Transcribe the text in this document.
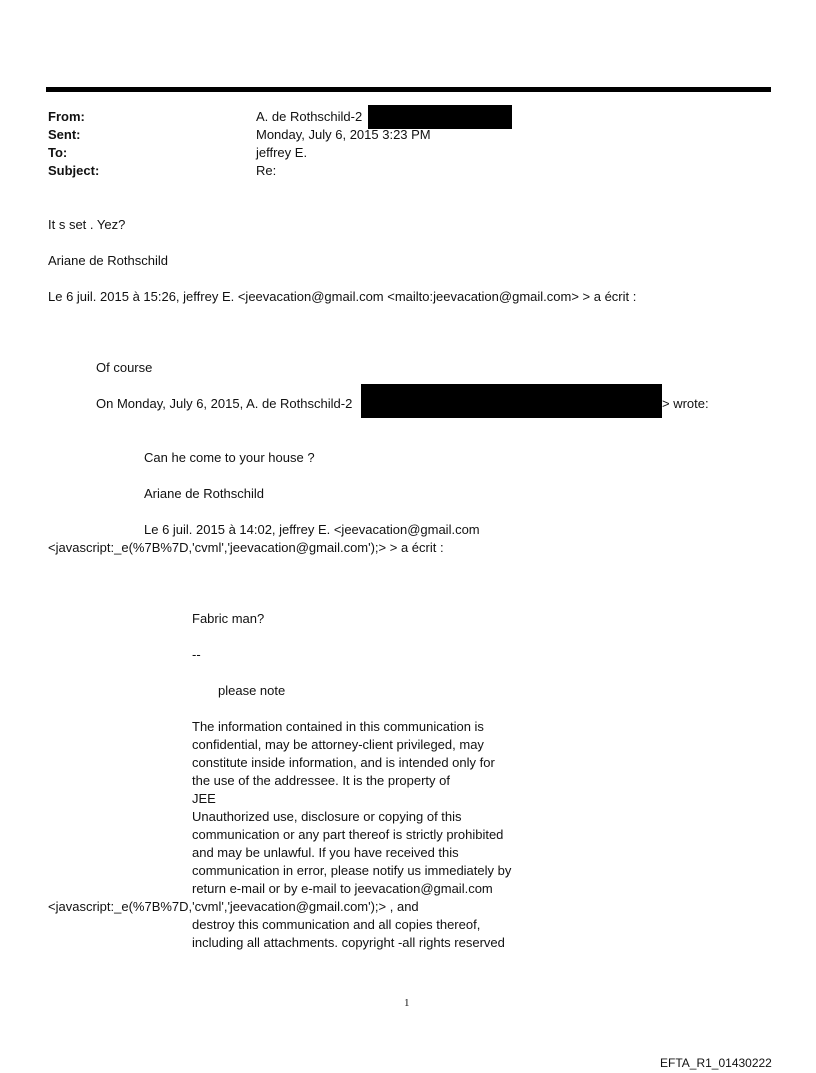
From:	A. de Rothschild-2
Sent:	Monday, July 6, 2015 3:23 PM
To:	jeffrey E.
Subject:	Re:
It s set . Yez?
Ariane de Rothschild
Le 6 juil. 2015 à 15:26, jeffrey E. <jeevacation@gmail.com <mailto:jeevacation@gmail.com> > a écrit :
Of course
On Monday, July 6, 2015, A. de Rothschild-2	> wrote:
Can he come to your house ?
Ariane de Rothschild
Le 6 juil. 2015 à 14:02, jeffrey E. <jeevacation@gmail.com
<javascript:_e(%7B%7D,'cvml','jeevacation@gmail.com');> > a écrit :
Fabric man?
--
please note
The information contained in this communication is
confidential, may be attorney-client privileged, may
constitute inside information, and is intended only for
the use of the addressee. It is the property of
JEE
Unauthorized use, disclosure or copying of this
communication or any part thereof is strictly prohibited
and may be unlawful. If you have received this
communication in error, please notify us immediately by
return e-mail or by e-mail to jeevacation@gmail.com
<javascript:_e(%7B%7D,'cvml','jeevacation@gmail.com');> , and
destroy this communication and all copies thereof,
including all attachments. copyright -all rights reserved
1
EFTA_R1_01430222
